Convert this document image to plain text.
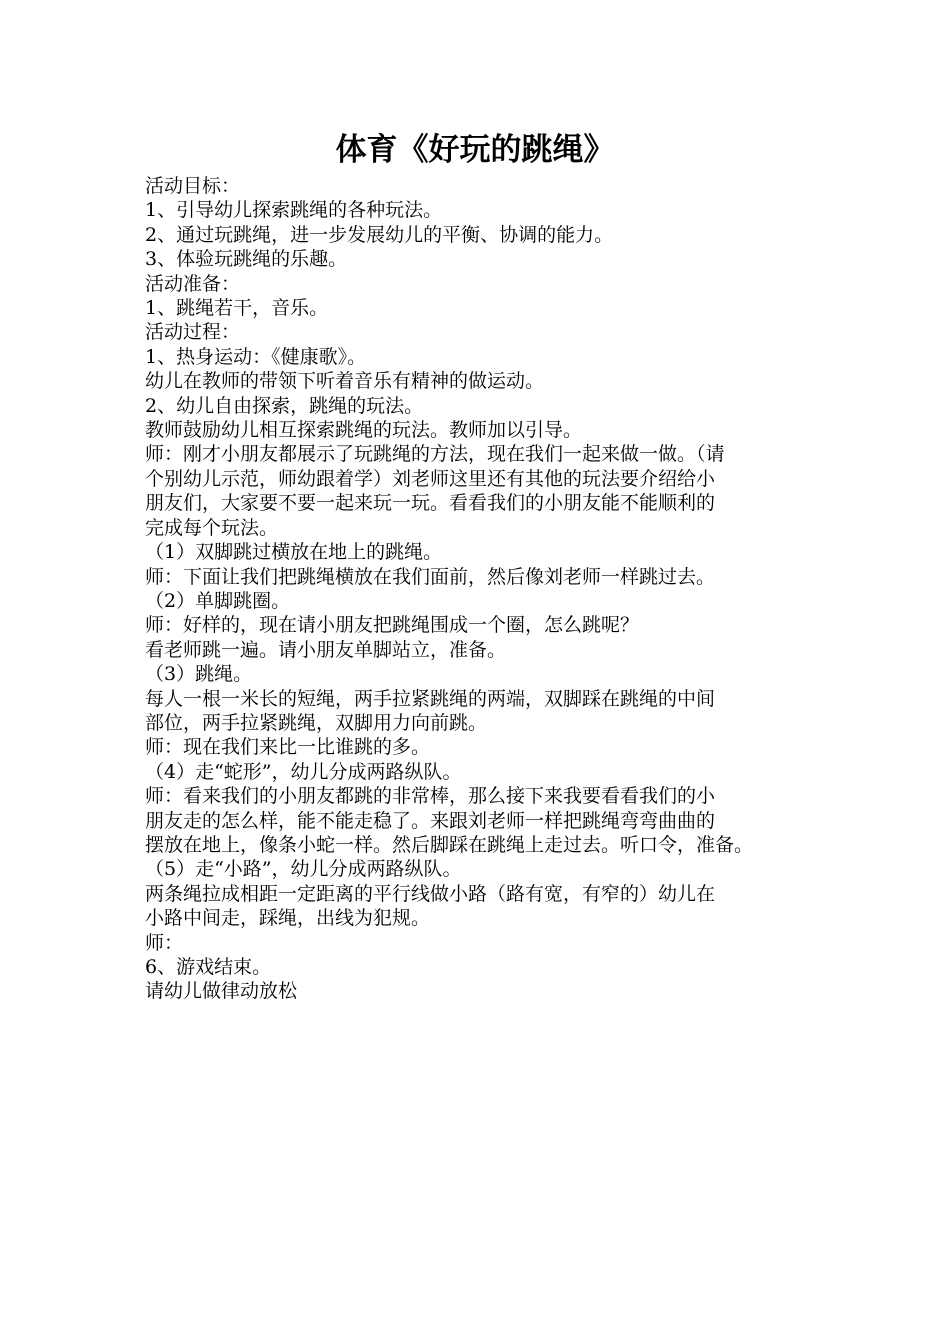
体育《好玩的跳绳》

活动目标：

1、引导幼儿探索跳绳的各种玩法。

2、通过玩跳绳，进一步发展幼儿的平衡、协调的能力。

3、体验玩跳绳的乐趣。

活动准备：

1、跳绳若干，音乐。

活动过程：

1、热身运动：《健康歌》。

幼儿在教师的带领下听着音乐有精神的做运动。

2、幼儿自由探索，跳绳的玩法。

教师鼓励幼儿相互探索跳绳的玩法。教师加以引导。

师：刚才小朋友都展示了玩跳绳的方法，现在我们一起来做一做。（请

个别幼儿示范，师幼跟着学）刘老师这里还有其他的玩法要介绍给小

朋友们，大家要不要一起来玩一玩。看看我们的小朋友能不能顺利的

完成每个玩法。

（1）双脚跳过横放在地上的跳绳。

师：下面让我们把跳绳横放在我们面前，然后像刘老师一样跳过去。

（2）单脚跳圈。

师：好样的，现在请小朋友把跳绳围成一个圈，怎么跳呢？

看老师跳一遍。请小朋友单脚站立，准备。

（3）跳绳。

每人一根一米长的短绳，两手拉紧跳绳的两端，双脚踩在跳绳的中间

部位，两手拉紧跳绳，双脚用力向前跳。

师：现在我们来比一比谁跳的多。

（4）走“蛇形”，幼儿分成两路纵队。

师：看来我们的小朋友都跳的非常棒，那么接下来我要看看我们的小

朋友走的怎么样，能不能走稳了。来跟刘老师一样把跳绳弯弯曲曲的

摆放在地上，像条小蛇一样。然后脚踩在跳绳上走过去。听口令，准备。

（5）走“小路”，幼儿分成两路纵队。

两条绳拉成相距一定距离的平行线做小路（路有宽，有窄的）幼儿在

小路中间走，踩绳，出线为犯规。

师：

6、游戏结束。

请幼儿做律动放松
